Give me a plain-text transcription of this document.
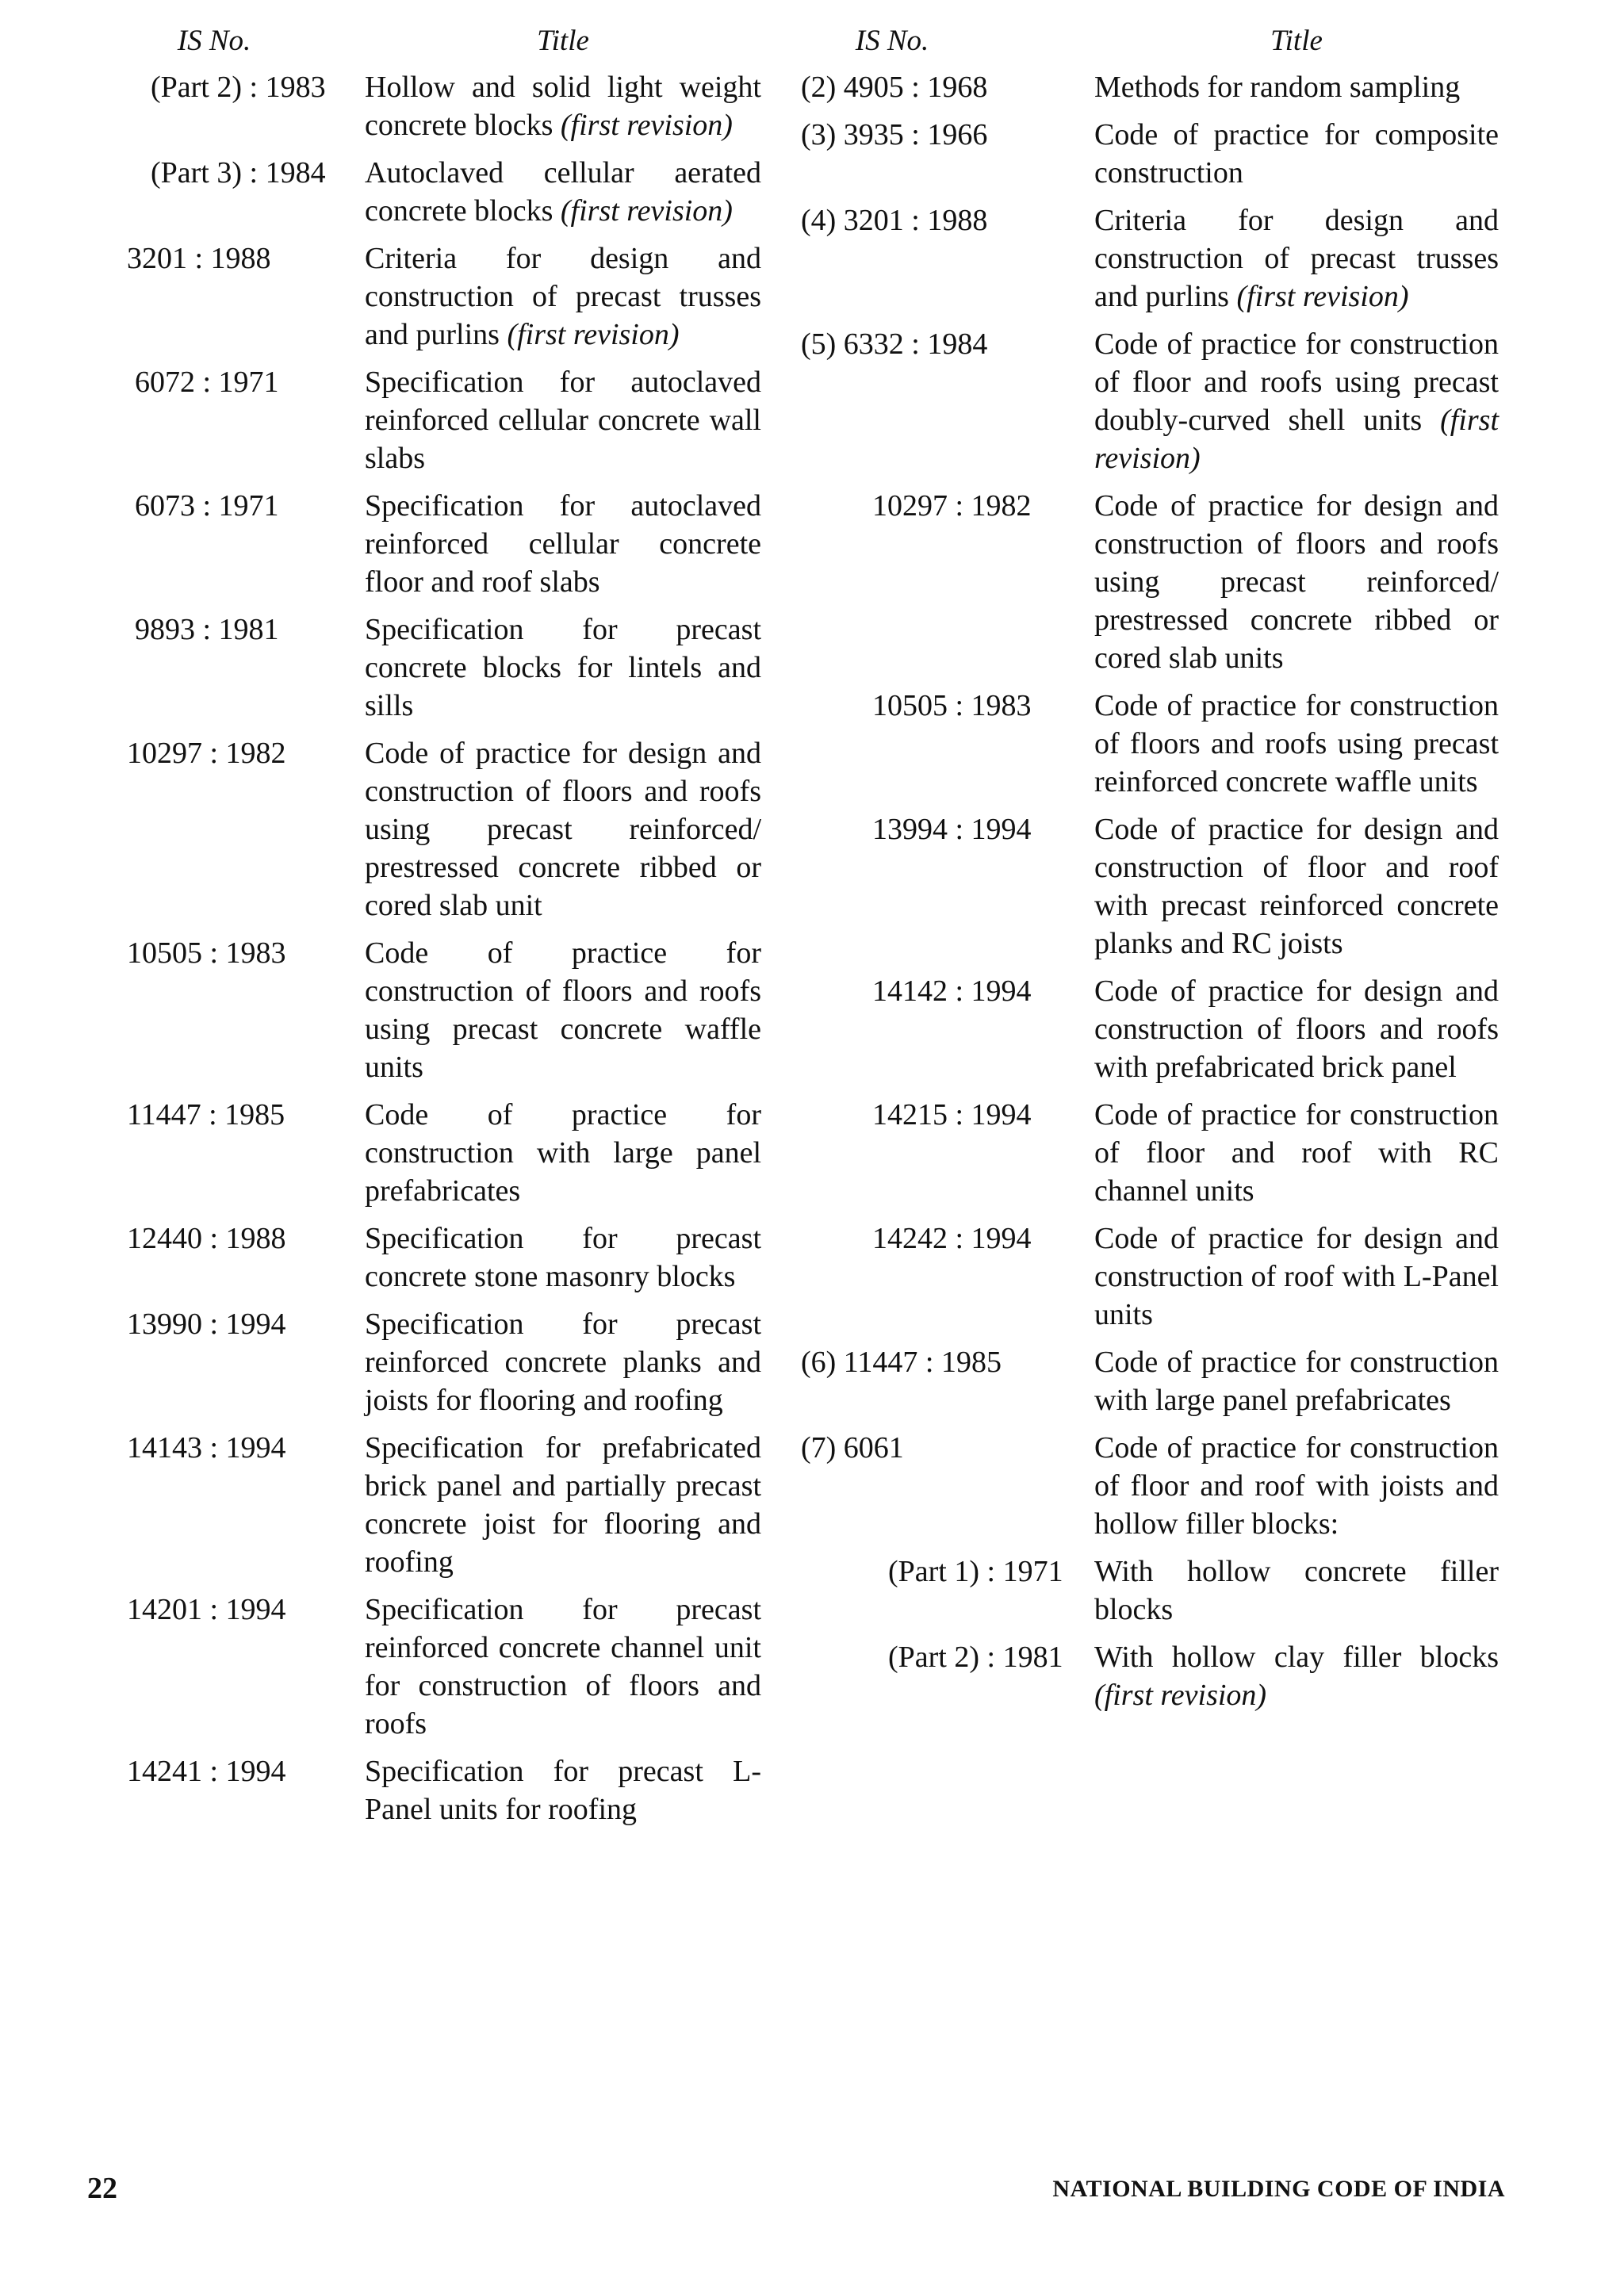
IS No.	Title
(Part 2) : 1983	Hollow and solid light weight concrete blocks (first revision)
(Part 3) : 1984	Autoclaved cellular aerated concrete blocks (first revision)
3201 : 1988	Criteria for design and construction of precast trusses and purlins (first revision)
6072 : 1971	Specification for autoclaved reinforced cellular concrete wall slabs
6073 : 1971	Specification for autoclaved reinforced cellular concrete floor and roof slabs
9893 : 1981	Specification for precast concrete blocks for lintels and sills
10297 : 1982	Code of practice for design and construction of floors and roofs using precast reinforced/ prestressed concrete ribbed or cored slab unit
10505 : 1983	Code of practice for construction of floors and roofs using precast concrete waffle units
11447 : 1985	Code of practice for construction with large panel prefabricates
12440 : 1988	Specification for precast concrete stone masonry blocks
13990 : 1994	Specification for precast reinforced concrete planks and joists for flooring and roofing
14143 : 1994	Specification for prefabricated brick panel and partially precast concrete joist for flooring and roofing
14201 : 1994	Specification for precast reinforced concrete channel unit for construction of floors and roofs
14241 : 1994	Specification for precast L-Panel units for roofing
IS No.	Title
(2) 4905 : 1968	Methods for random sampling
(3) 3935 : 1966	Code of practice for composite construction
(4) 3201 : 1988	Criteria for design and construction of precast trusses and purlins (first revision)
(5) 6332 : 1984	Code of practice for construction of floor and roofs using precast doubly-curved shell units (first revision)
10297 : 1982	Code of practice for design and construction of floors and roofs using precast reinforced/ prestressed concrete ribbed or cored slab units
10505 : 1983	Code of practice for construction of floors and roofs using precast reinforced concrete waffle units
13994 : 1994	Code of practice for design and construction of floor and roof with precast reinforced concrete planks and RC joists
14142 : 1994	Code of practice for design and construction of floors and roofs with prefabricated brick panel
14215 : 1994	Code of practice for construction of floor and roof with RC channel units
14242 : 1994	Code of practice for design and construction of roof with L-Panel units
(6) 11447 : 1985	Code of practice for construction with large panel prefabricates
(7) 6061	Code of practice for construction of floor and roof with joists and hollow filler blocks:
(Part 1) : 1971	With hollow concrete filler blocks
(Part 2) : 1981	With hollow clay filler blocks (first revision)
22	NATIONAL BUILDING CODE OF INDIA
